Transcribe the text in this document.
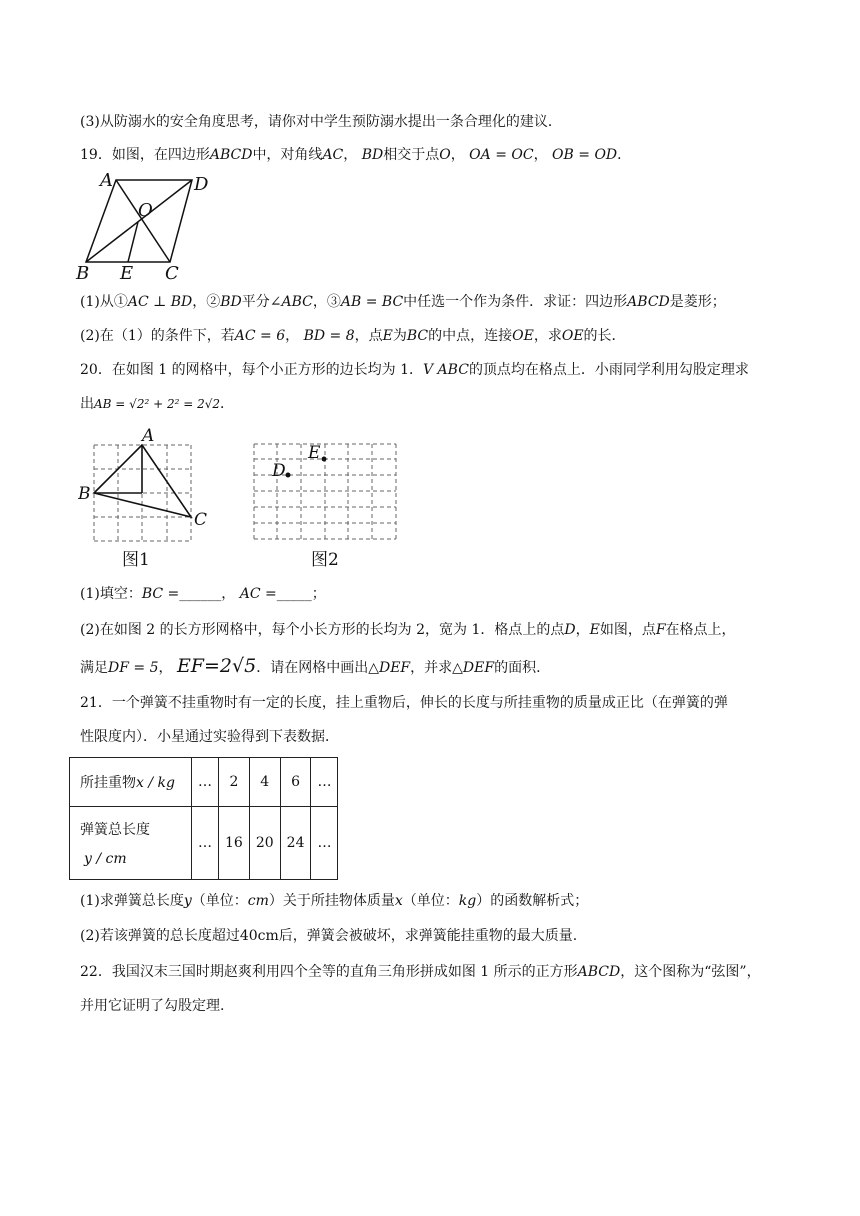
(3)从防溺水的安全角度思考，请你对中学生预防溺水提出一条合理化的建议．
19．如图，在四边形ABCD中，对角线AC， BD相交于点O， OA = OC， OB = OD．
A	D
O
B E C
(1)从①AC ⊥ BD，②BD平分∠ABC，③AB = BC中任选一个作为条件．求证：四边形ABCD是菱形；
(2)在（1）的条件下，若AC = 6， BD = 8，点E为BC的中点，连接OE，求OE的长．
20．在如图 1 的网格中，每个小正方形的边长均为 1．V ABC的顶点均在格点上．小雨同学利用勾股定理求
出AB = √2² + 2² = 2√2．
A
B
C
图1
D
E
图2
(1)填空：BC =______， AC =_____；
(2)在如图 2 的长方形网格中，每个小长方形的长均为 2，宽为 1．格点上的点D，E如图，点F在格点上，
满足DF = 5， EF=2√5．请在网格中画出△DEF，并求△DEF的面积.
21．一个弹簧不挂重物时有一定的长度，挂上重物后，伸长的长度与所挂重物的质量成正比（在弹簧的弹
性限度内）．小星通过实验得到下表数据．
所挂重物x / kg	…	2	4	6	…

弹簧总长度
y / cm	…	16	20	24	…
(1)求弹簧总长度y（单位：cm）关于所挂物体质量x（单位：kg）的函数解析式；
(2)若该弹簧的总长度超过40cm后，弹簧会被破坏，求弹簧能挂重物的最大质量.
22．我国汉末三国时期赵爽利用四个全等的直角三角形拼成如图 1 所示的正方形ABCD，这个图称为“弦图”，
并用它证明了勾股定理.
